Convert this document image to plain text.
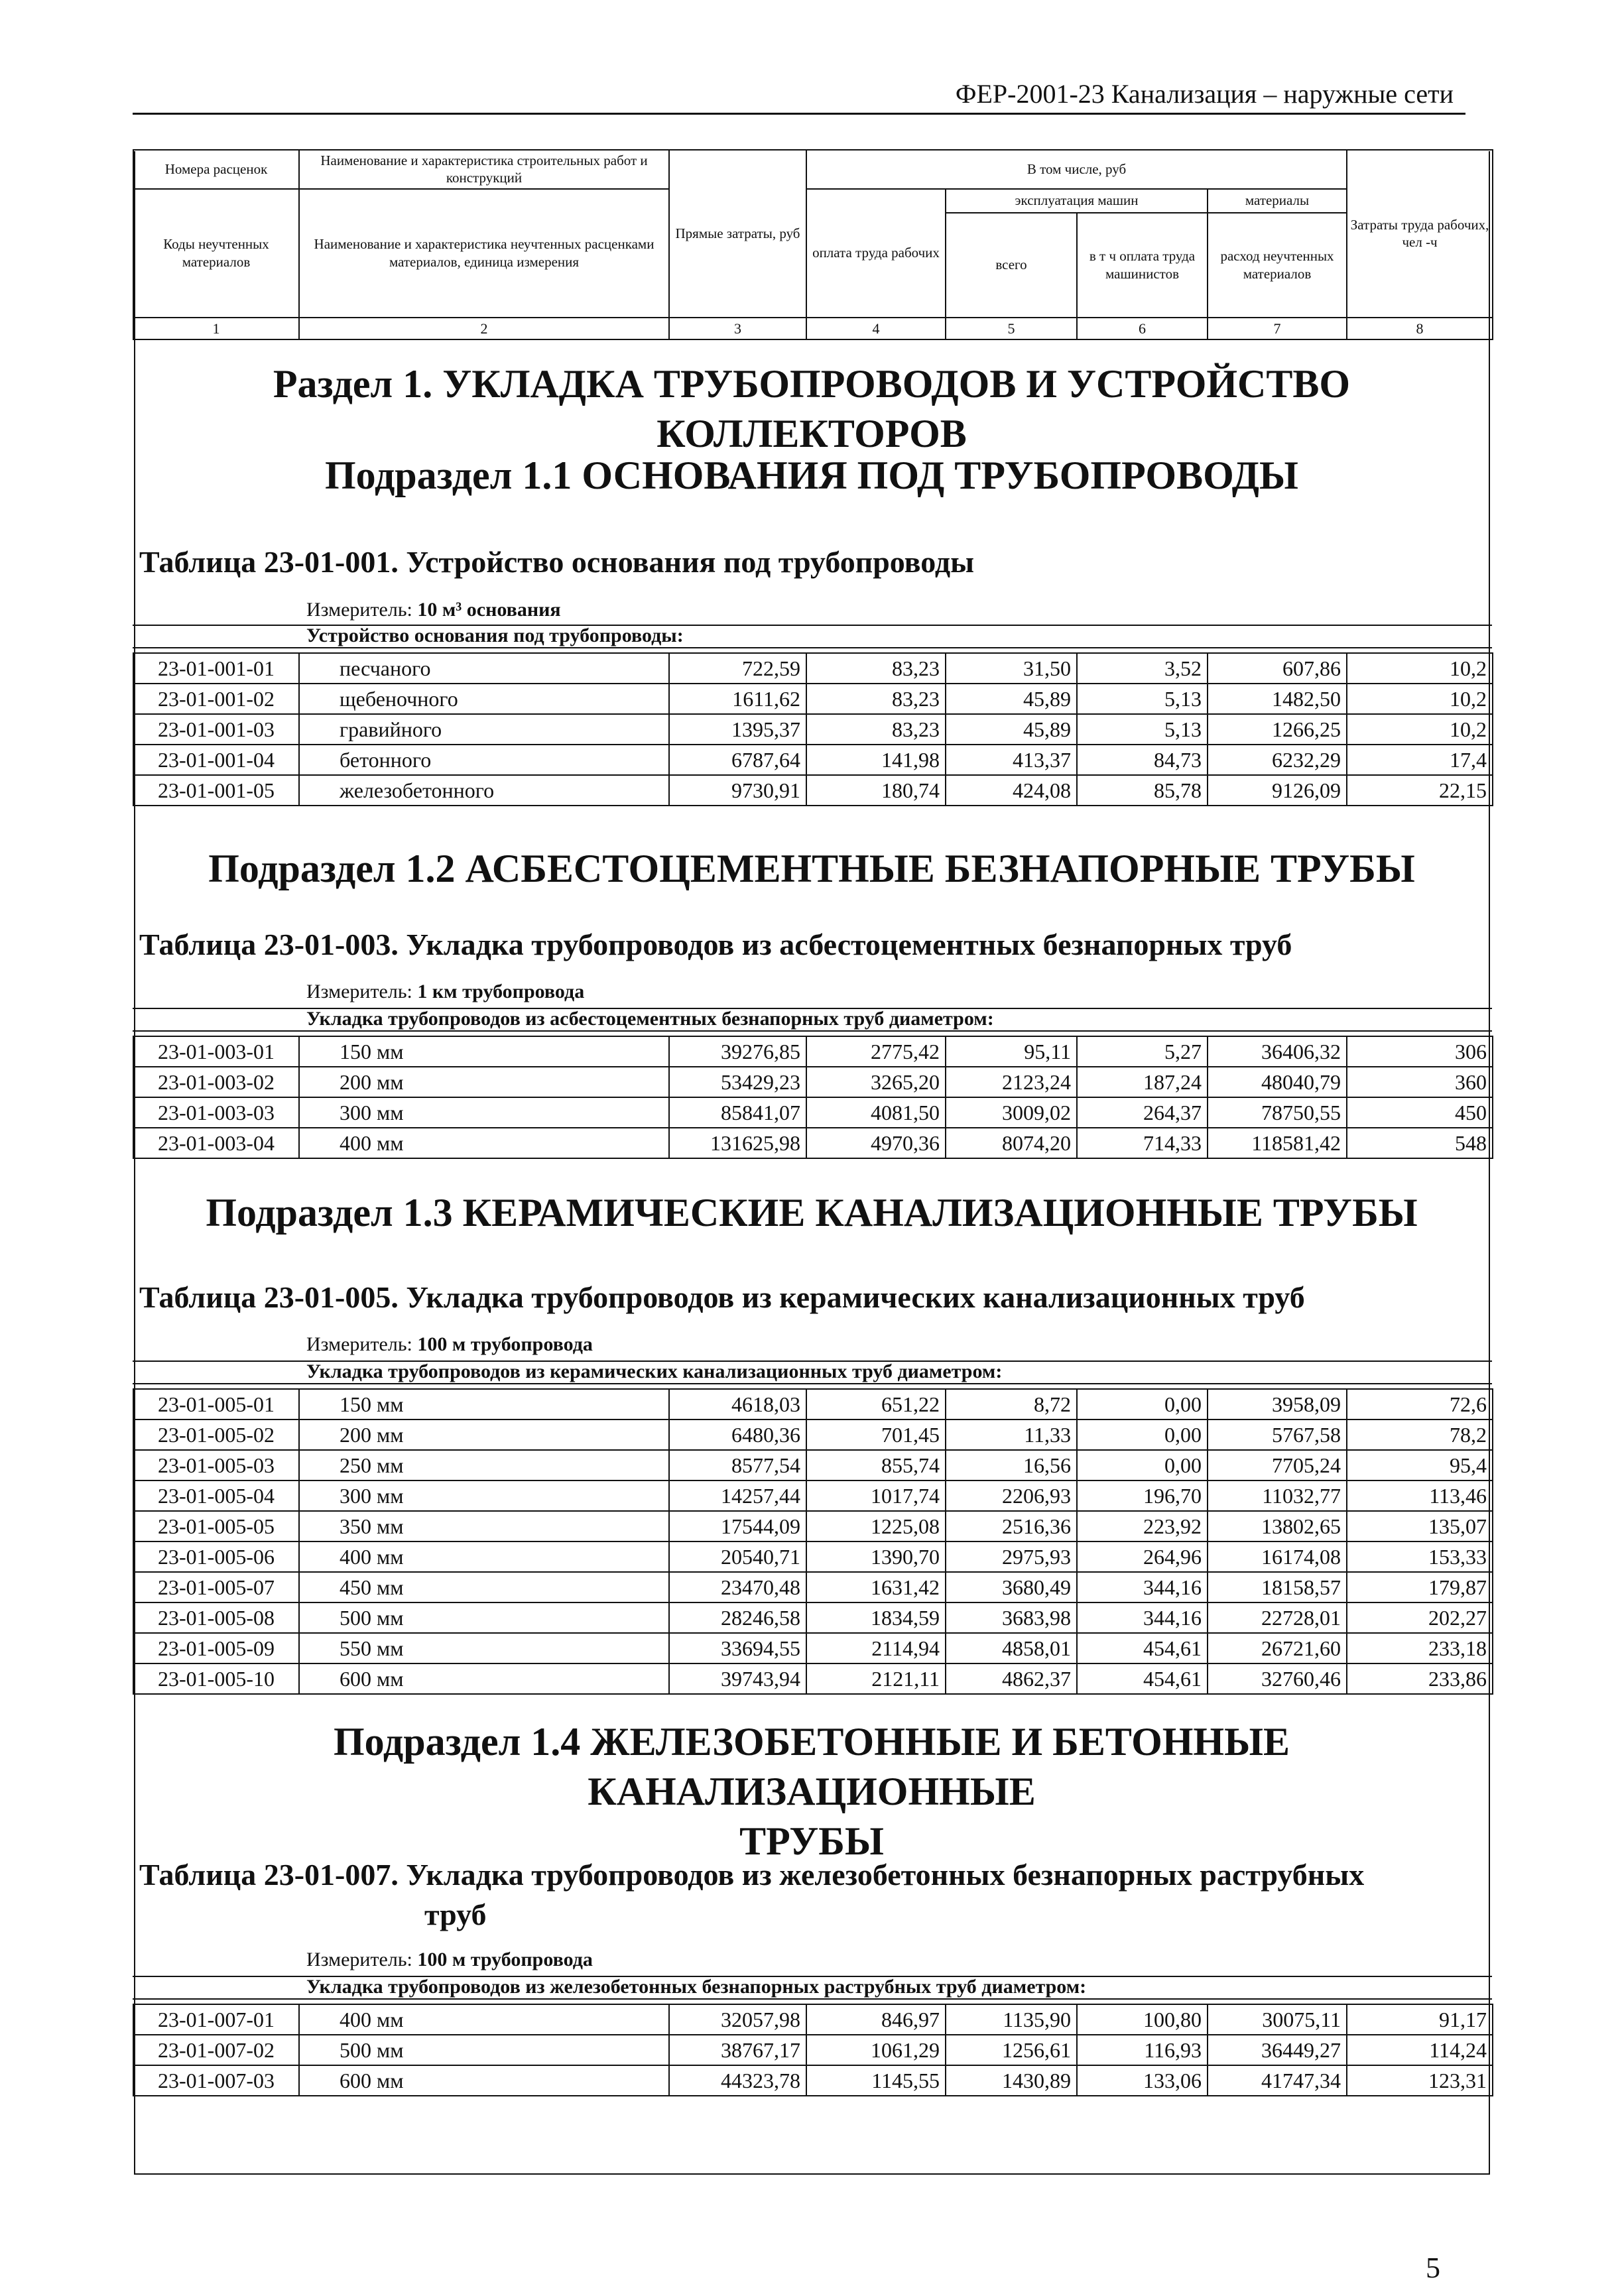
ФЕР-2001-23 Канализация – наружные сети
Номера расценок	Наименование и характеристика строительных работ и конструкций	Прямые затраты, руб	В том числе, руб				Затраты труда рабочих, чел -ч
Коды неучтенных материалов	Наименование и характеристика неучтенных расценками материалов, единица измерения		оплата труда рабочих	эксплуатация машин		материалы	
				всего	в т ч оплата труда машинистов	расход неучтенных материалов	
1	2	3	4	5	6	7	8
Раздел 1. УКЛАДКА ТРУБОПРОВОДОВ И УСТРОЙСТВО КОЛЛЕКТОРОВ
Подраздел 1.1 ОСНОВАНИЯ ПОД ТРУБОПРОВОДЫ
Таблица 23-01-001. Устройство основания под трубопроводы
Измеритель: 10 м³ основания
Устройство основания под трубопроводы:
23-01-001-01	песчаного	722,59	83,23	31,50	3,52	607,86	10,2
23-01-001-02	щебеночного	1611,62	83,23	45,89	5,13	1482,50	10,2
23-01-001-03	гравийного	1395,37	83,23	45,89	5,13	1266,25	10,2
23-01-001-04	бетонного	6787,64	141,98	413,37	84,73	6232,29	17,4
23-01-001-05	железобетонного	9730,91	180,74	424,08	85,78	9126,09	22,15
Подраздел 1.2 АСБЕСТОЦЕМЕНТНЫЕ БЕЗНАПОРНЫЕ ТРУБЫ
Таблица 23-01-003. Укладка трубопроводов из асбестоцементных безнапорных труб
Измеритель: 1 км трубопровода
Укладка трубопроводов из асбестоцементных безнапорных труб диаметром:
23-01-003-01	150 мм	39276,85	2775,42	95,11	5,27	36406,32	306
23-01-003-02	200 мм	53429,23	3265,20	2123,24	187,24	48040,79	360
23-01-003-03	300 мм	85841,07	4081,50	3009,02	264,37	78750,55	450
23-01-003-04	400 мм	131625,98	4970,36	8074,20	714,33	118581,42	548
Подраздел 1.3 КЕРАМИЧЕСКИЕ КАНАЛИЗАЦИОННЫЕ ТРУБЫ
Таблица 23-01-005. Укладка трубопроводов из керамических канализационных труб
Измеритель: 100 м трубопровода
Укладка трубопроводов из керамических канализационных труб диаметром:
23-01-005-01	150 мм	4618,03	651,22	8,72	0,00	3958,09	72,6
23-01-005-02	200 мм	6480,36	701,45	11,33	0,00	5767,58	78,2
23-01-005-03	250 мм	8577,54	855,74	16,56	0,00	7705,24	95,4
23-01-005-04	300 мм	14257,44	1017,74	2206,93	196,70	11032,77	113,46
23-01-005-05	350 мм	17544,09	1225,08	2516,36	223,92	13802,65	135,07
23-01-005-06	400 мм	20540,71	1390,70	2975,93	264,96	16174,08	153,33
23-01-005-07	450 мм	23470,48	1631,42	3680,49	344,16	18158,57	179,87
23-01-005-08	500 мм	28246,58	1834,59	3683,98	344,16	22728,01	202,27
23-01-005-09	550 мм	33694,55	2114,94	4858,01	454,61	26721,60	233,18
23-01-005-10	600 мм	39743,94	2121,11	4862,37	454,61	32760,46	233,86
Подраздел 1.4 ЖЕЛЕЗОБЕТОННЫЕ И БЕТОННЫЕ КАНАЛИЗАЦИОННЫЕ
ТРУБЫ
Таблица 23-01-007. Укладка трубопроводов из железобетонных безнапорных раструбных
труб
Измеритель: 100 м трубопровода
Укладка трубопроводов из железобетонных безнапорных раструбных труб диаметром:
23-01-007-01	400 мм	32057,98	846,97	1135,90	100,80	30075,11	91,17
23-01-007-02	500 мм	38767,17	1061,29	1256,61	116,93	36449,27	114,24
23-01-007-03	600 мм	44323,78	1145,55	1430,89	133,06	41747,34	123,31
5
